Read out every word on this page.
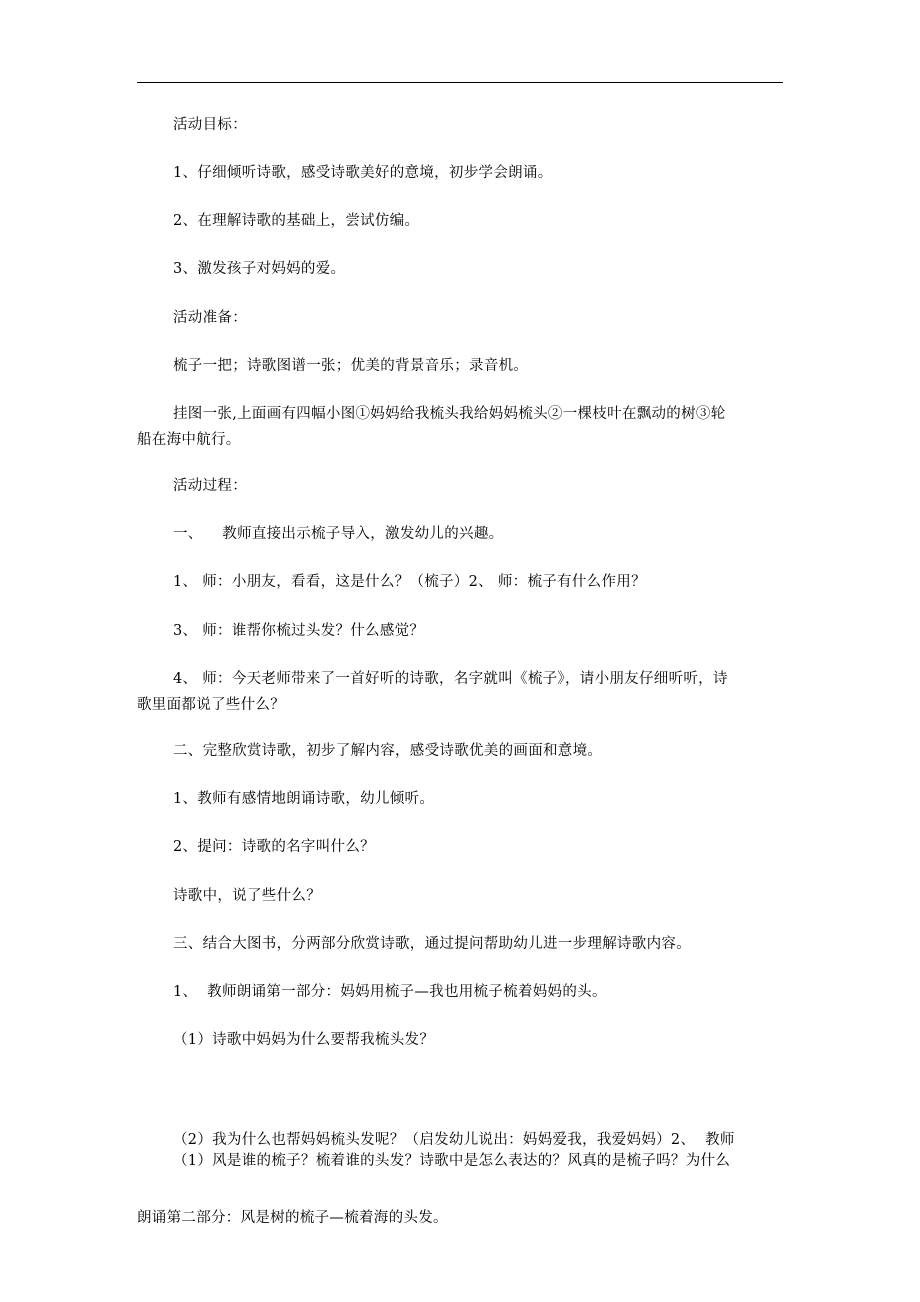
活动目标：
1、仔细倾听诗歌，感受诗歌美好的意境，初步学会朗诵。
2、在理解诗歌的基础上，尝试仿编。
3、激发孩子对妈妈的爱。
活动准备：
梳子一把；诗歌图谱一张；优美的背景音乐；录音机。
挂图一张,上面画有四幅小图①妈妈给我梳头我给妈妈梳头②一棵枝叶在飘动的树③轮
船在海中航行。
活动过程：
一、    教师直接出示梳子导入，激发幼儿的兴趣。
1、 师：小朋友，看看，这是什么？（梳子）2、 师：梳子有什么作用？
3、 师：谁帮你梳过头发？什么感觉？
4、 师：今天老师带来了一首好听的诗歌，名字就叫《梳子》，请小朋友仔细听听，诗
歌里面都说了些什么？
二、完整欣赏诗歌，初步了解内容，感受诗歌优美的画面和意境。
1、教师有感情地朗诵诗歌，幼儿倾听。
2、提问：诗歌的名字叫什么？
诗歌中，说了些什么？
三、结合大图书，分两部分欣赏诗歌，通过提问帮助幼儿进一步理解诗歌内容。
1、  教师朗诵第一部分：妈妈用梳子—我也用梳子梳着妈妈的头。
（1）诗歌中妈妈为什么要帮我梳头发？

（2）我为什么也帮妈妈梳头发呢？（启发幼儿说出：妈妈爱我，我爱妈妈）2、  教师

朗诵第二部分：风是树的梳子—梳着海的头发。

（1）风是谁的梳子？梳着谁的头发？诗歌中是怎么表达的？风真的是梳子吗？为什么
